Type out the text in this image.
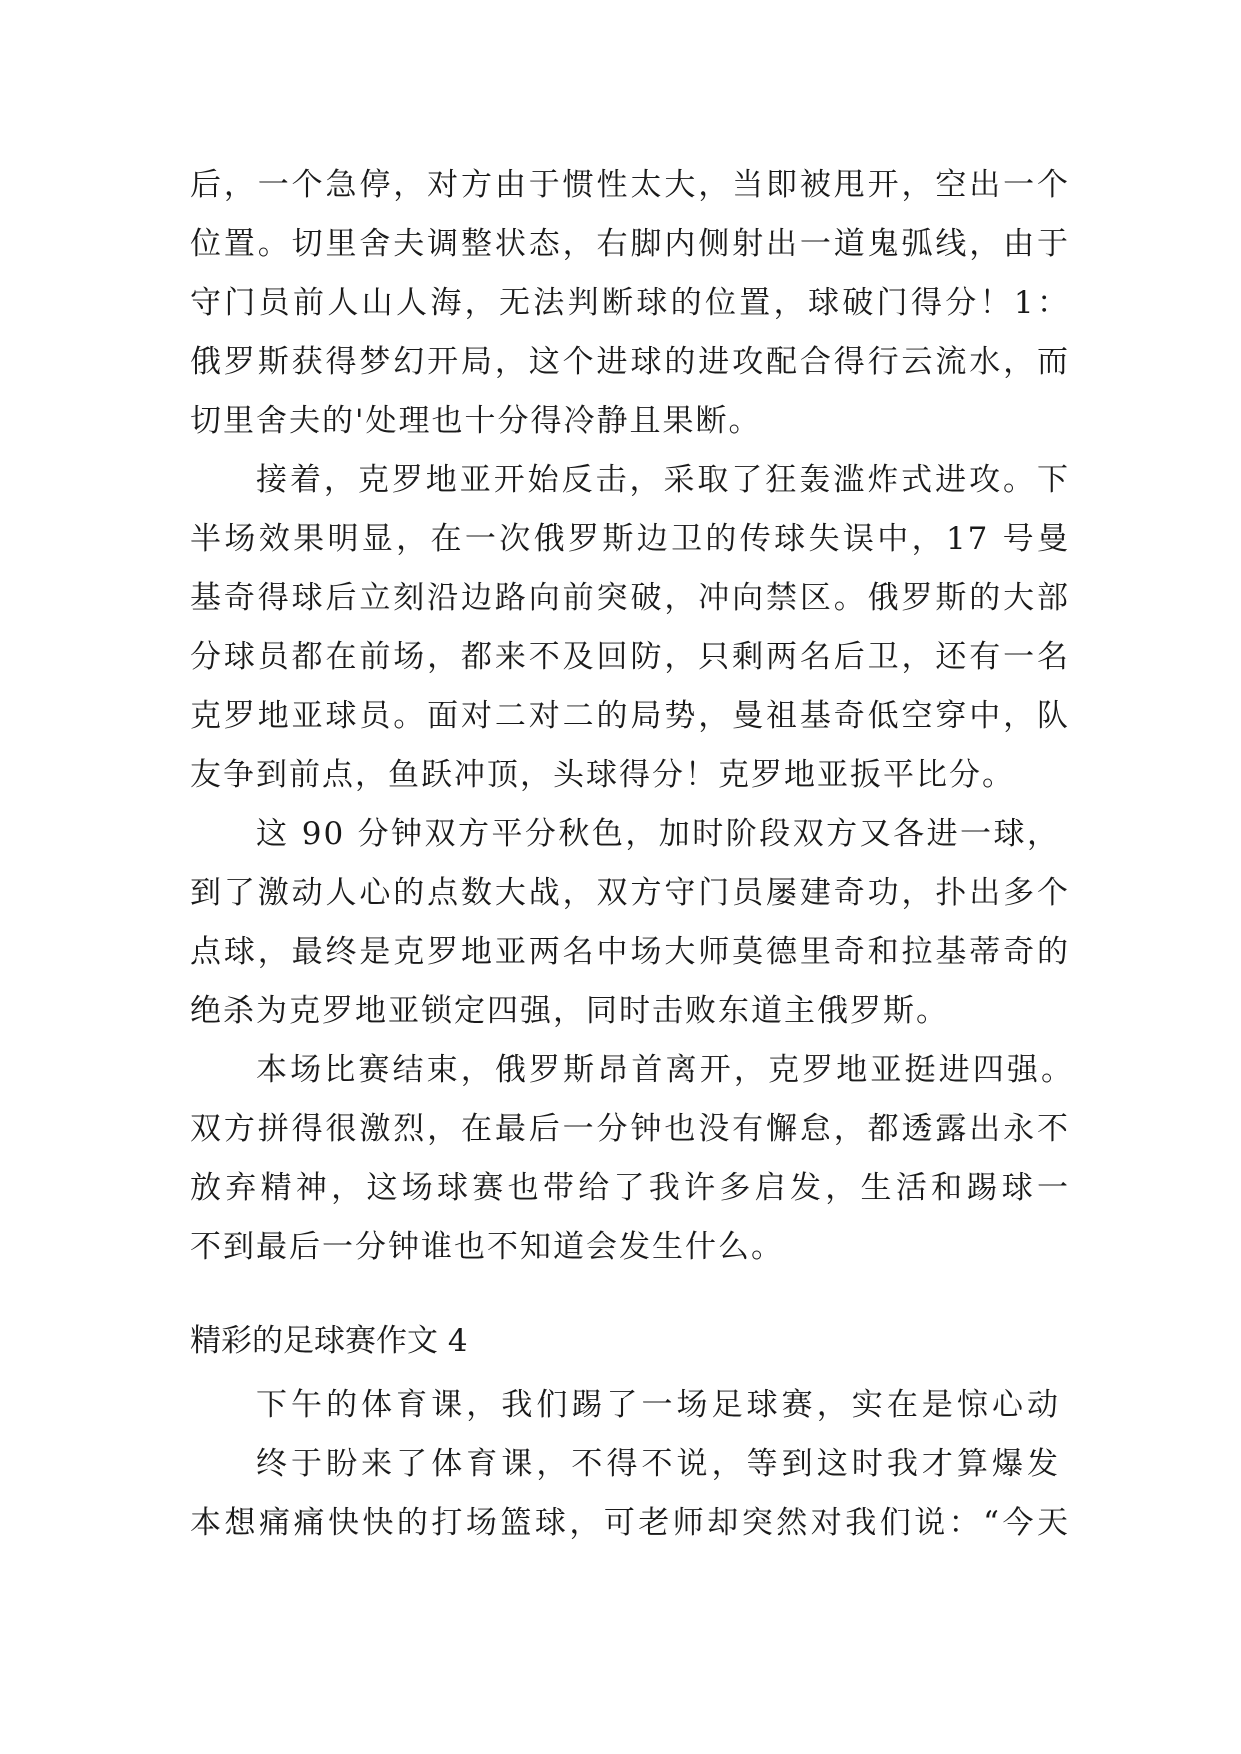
后，一个急停，对方由于惯性太大，当即被甩开，空出一个
位置。切里舍夫调整状态，右脚内侧射出一道鬼弧线，由于
守门员前人山人海，无法判断球的位置，球破门得分！1：
俄罗斯获得梦幻开局，这个进球的进攻配合得行云流水，而
切里舍夫的'处理也十分得冷静且果断。
接着，克罗地亚开始反击，采取了狂轰滥炸式进攻。下
半场效果明显，在一次俄罗斯边卫的传球失误中，17 号曼
基奇得球后立刻沿边路向前突破，冲向禁区。俄罗斯的大部
分球员都在前场，都来不及回防，只剩两名后卫，还有一名
克罗地亚球员。面对二对二的局势，曼祖基奇低空穿中，队
友争到前点，鱼跃冲顶，头球得分！克罗地亚扳平比分。
这 90 分钟双方平分秋色，加时阶段双方又各进一球，
到了激动人心的点数大战，双方守门员屡建奇功，扑出多个
点球，最终是克罗地亚两名中场大师莫德里奇和拉基蒂奇的
绝杀为克罗地亚锁定四强，同时击败东道主俄罗斯。
本场比赛结束，俄罗斯昂首离开，克罗地亚挺进四强。
双方拼得很激烈，在最后一分钟也没有懈怠，都透露出永不
放弃精神，这场球赛也带给了我许多启发，生活和踢球一
不到最后一分钟谁也不知道会发生什么。
精彩的足球赛作文 4
下午的体育课，我们踢了一场足球赛，实在是惊心动
终于盼来了体育课，不得不说，等到这时我才算爆发
本想痛痛快快的打场篮球，可老师却突然对我们说：“今天
